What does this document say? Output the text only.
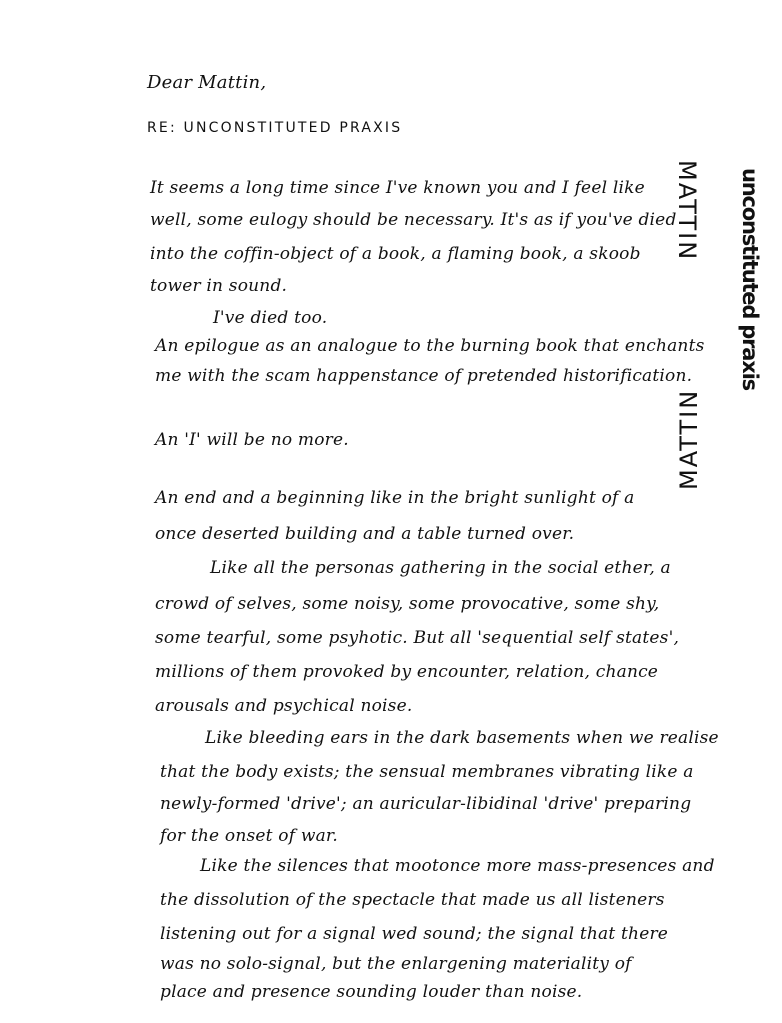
Dear Mattin,
RE: UNCONSTITUTED PRAXIS
It seems a long time since I've known you and I feel like
well, some eulogy should be necessary. It's as if you've died
into the coffin-object of a book, a flaming book, a skoob
tower in sound.
I've died too.
An epilogue as an analogue to the burning book that enchants
me with the scam happenstance of pretended historification.
An 'I' will be no more.
An end and a beginning like in the bright sunlight of a
once deserted building and a table turned over.
Like all the personas gathering in the social ether, a
crowd of selves, some noisy, some provocative, some shy,
some tearful, some psyhotic. But all 'sequential self states',
millions of them provoked by encounter, relation, chance
arousals and psychical noise.
Like bleeding ears in the dark basements when we realise
that the body exists; the sensual membranes vibrating like a
newly-formed 'drive'; an auricular-libidinal 'drive' preparing
for the onset of war.
Like the silences that mootonce more mass-presences and
the dissolution of the spectacle that made us all listeners
listening out for a signal wed sound; the signal that there
was no solo-signal, but the enlargening materiality of
place and presence sounding louder than noise.
MATTIN
MATTIN unconstituted praxis
